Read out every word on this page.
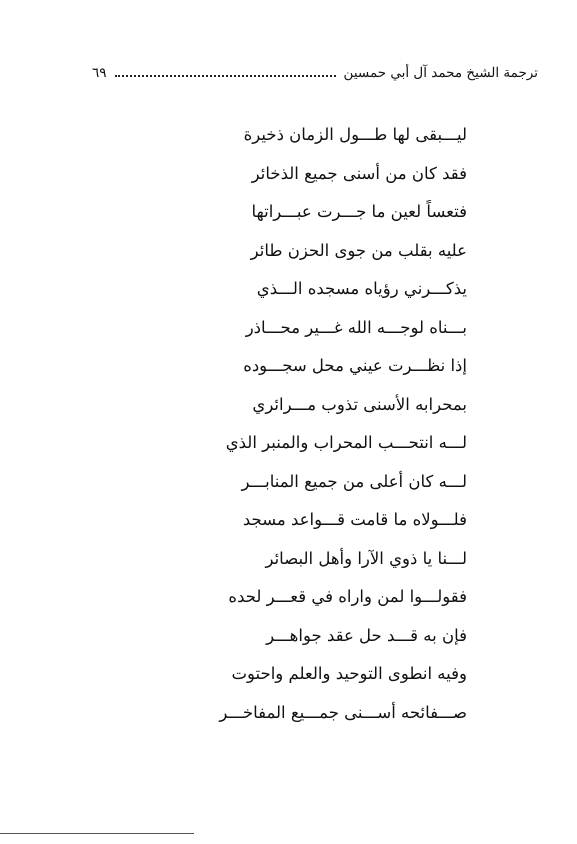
ترجمة الشيخ محمد آل أبي حمسين
٦٩
ليـــبقى لها طـــول الزمان ذخيرة
فقد كان من أسنى جميع الذخائر
فتعساً لعين ما جـــرت عبـــراتها
عليه بقلب من جوى الحزن طائر
يذكـــرني رؤياه مسجده الـــذي
بـــناه لوجـــه الله غـــير محـــاذر
إذا نظـــرت عيني محل سجـــوده
بمحرابه الأسنى تذوب مـــرائري
لـــه انتحـــب المحراب والمنبر الذي
لـــه كان أعلى من جميع المنابـــر
فلـــولاه ما قامت قـــواعد مسجد
لـــنا يا ذوي الآرا وأهل البصائر
فقولـــوا لمن واراه في قعـــر لحده
فإن به قـــد حل عقد جواهـــر
وفيه انطوى التوحيد والعلم واحتوت
صـــفائحه أســـنى جمـــيع المفاخـــر
